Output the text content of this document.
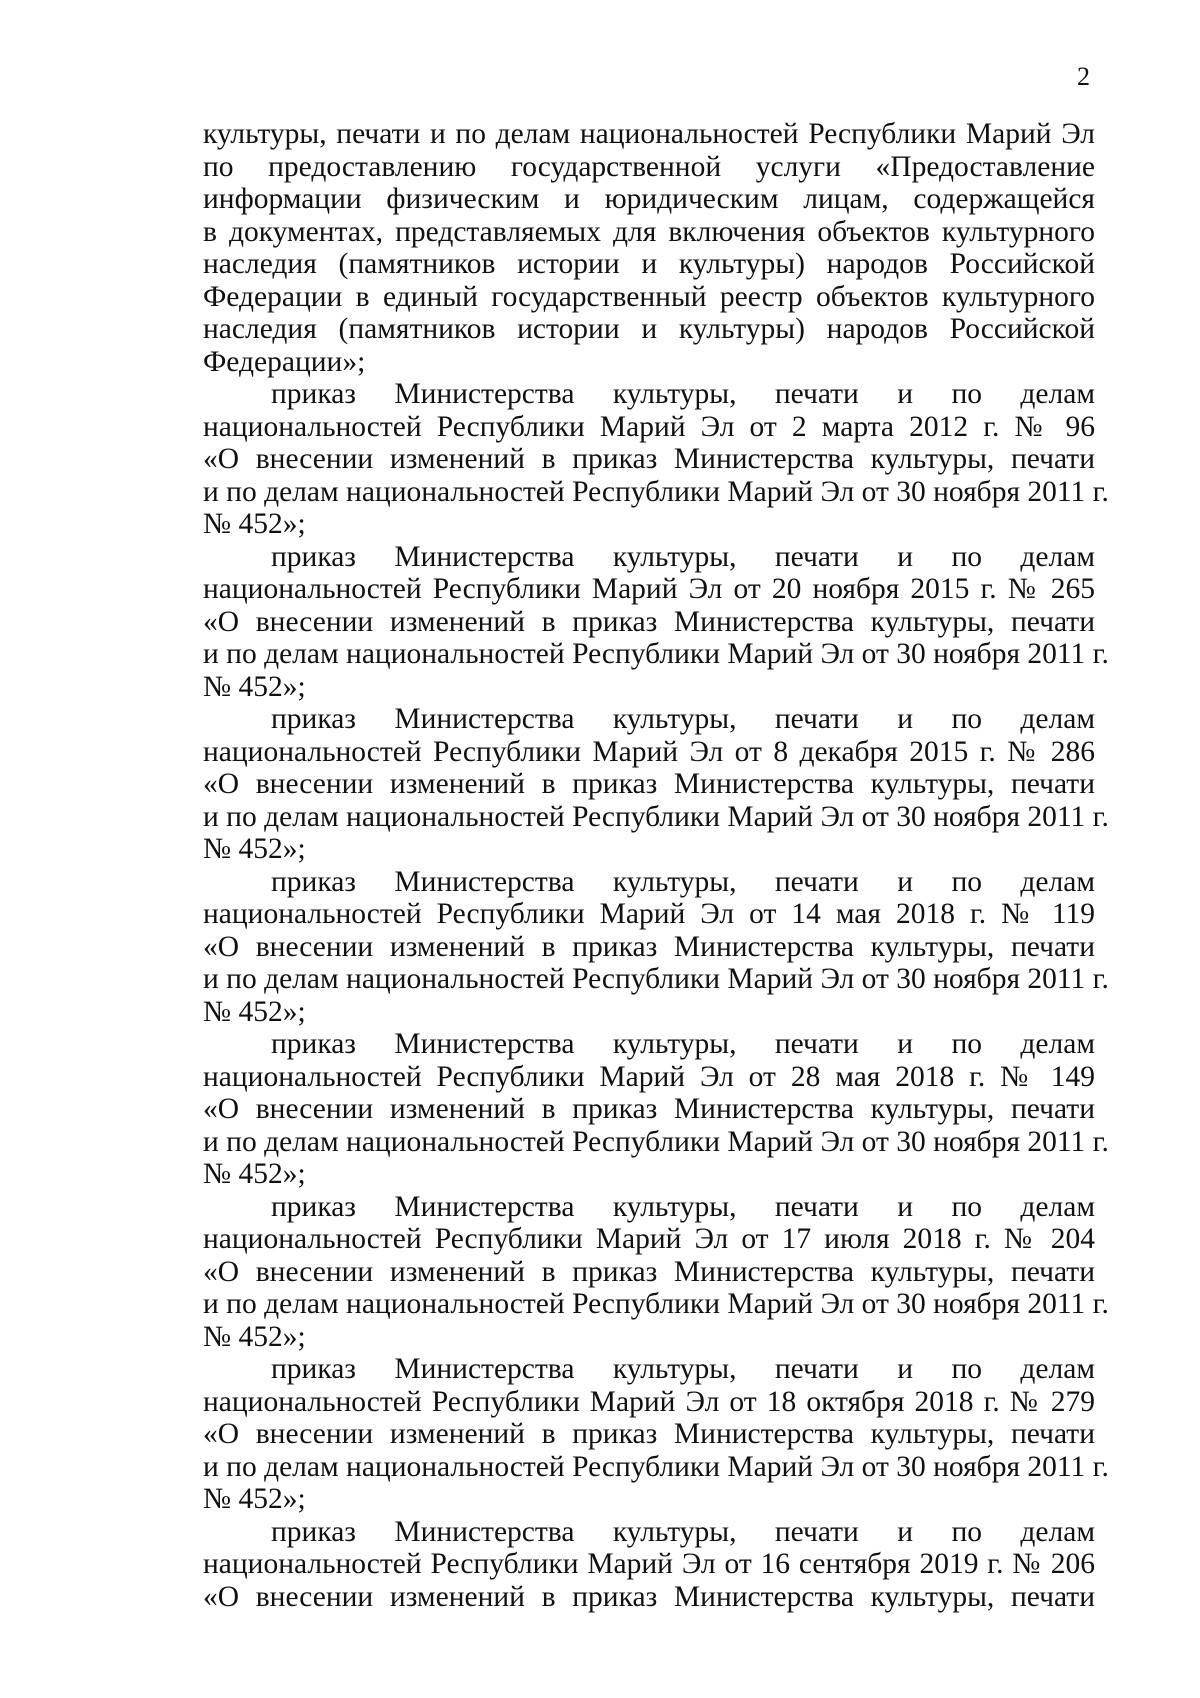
2
культуры, печати и по делам национальностей Республики Марий Эл
по предоставлению государственной услуги «Предоставление
информации физическим и юридическим лицам, содержащейся
в документах, представляемых для включения объектов культурного
наследия (памятников истории и культуры) народов Российской
Федерации в единый государственный реестр объектов культурного
наследия (памятников истории и культуры) народов Российской
Федерации»;
приказ Министерства культуры, печати и по делам
национальностей Республики Марий Эл от 2 марта 2012 г. № 96
«О внесении изменений в приказ Министерства культуры, печати
и по делам национальностей Республики Марий Эл от 30 ноября 2011 г.
№ 452»;
приказ Министерства культуры, печати и по делам
национальностей Республики Марий Эл от 20 ноября 2015 г. № 265
«О внесении изменений в приказ Министерства культуры, печати
и по делам национальностей Республики Марий Эл от 30 ноября 2011 г.
№ 452»;
приказ Министерства культуры, печати и по делам
национальностей Республики Марий Эл от 8 декабря 2015 г. № 286
«О внесении изменений в приказ Министерства культуры, печати
и по делам национальностей Республики Марий Эл от 30 ноября 2011 г.
№ 452»;
приказ Министерства культуры, печати и по делам
национальностей Республики Марий Эл от 14 мая 2018 г. № 119
«О внесении изменений в приказ Министерства культуры, печати
и по делам национальностей Республики Марий Эл от 30 ноября 2011 г.
№ 452»;
приказ Министерства культуры, печати и по делам
национальностей Республики Марий Эл от 28 мая 2018 г. № 149
«О внесении изменений в приказ Министерства культуры, печати
и по делам национальностей Республики Марий Эл от 30 ноября 2011 г.
№ 452»;
приказ Министерства культуры, печати и по делам
национальностей Республики Марий Эл от 17 июля 2018 г. № 204
«О внесении изменений в приказ Министерства культуры, печати
и по делам национальностей Республики Марий Эл от 30 ноября 2011 г.
№ 452»;
приказ Министерства культуры, печати и по делам
национальностей Республики Марий Эл от 18 октября 2018 г. № 279
«О внесении изменений в приказ Министерства культуры, печати
и по делам национальностей Республики Марий Эл от 30 ноября 2011 г.
№ 452»;
приказ Министерства культуры, печати и по делам
национальностей Республики Марий Эл от 16 сентября 2019 г. № 206
«О внесении изменений в приказ Министерства культуры, печати
